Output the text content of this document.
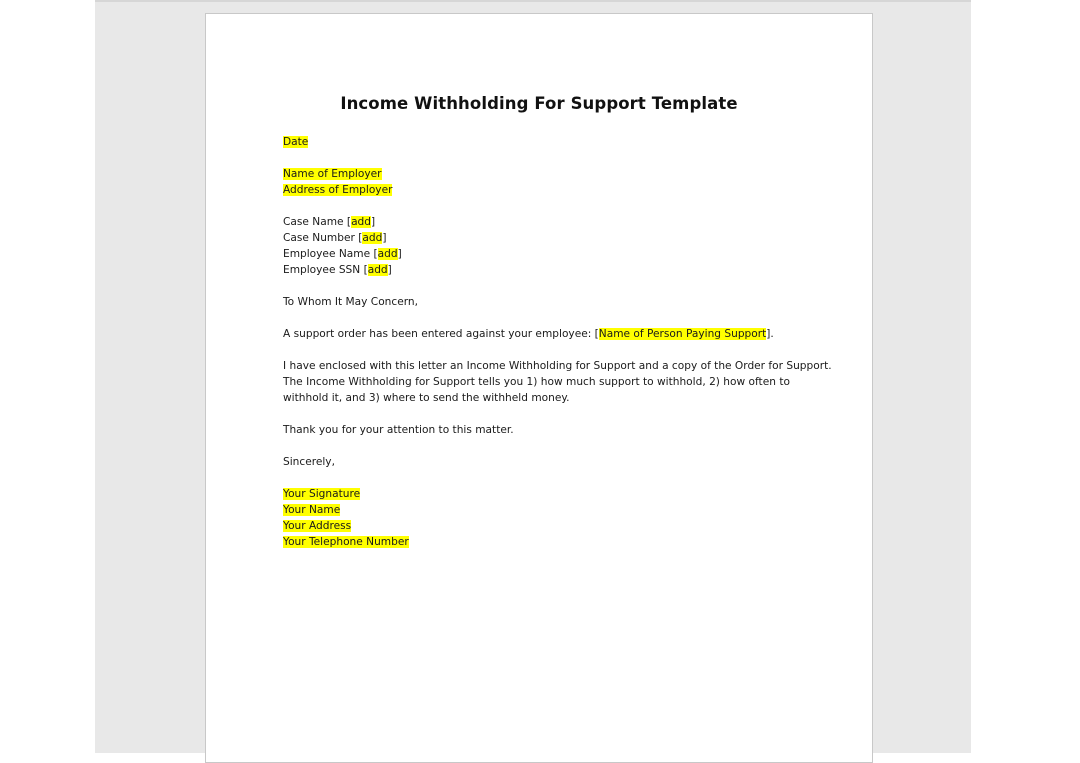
Income Withholding For Support Template
Date
Name of Employer
Address of Employer
Case Name [add]
Case Number [add]
Employee Name [add]
Employee SSN [add]
To Whom It May Concern,
A support order has been entered against your employee: [Name of Person Paying Support].
I have enclosed with this letter an Income Withholding for Support and a copy of the Order for Support.
The Income Withholding for Support tells you 1) how much support to withhold, 2) how often to
withhold it, and 3) where to send the withheld money.
Thank you for your attention to this matter.
Sincerely,
Your Signature
Your Name
Your Address
Your Telephone Number
